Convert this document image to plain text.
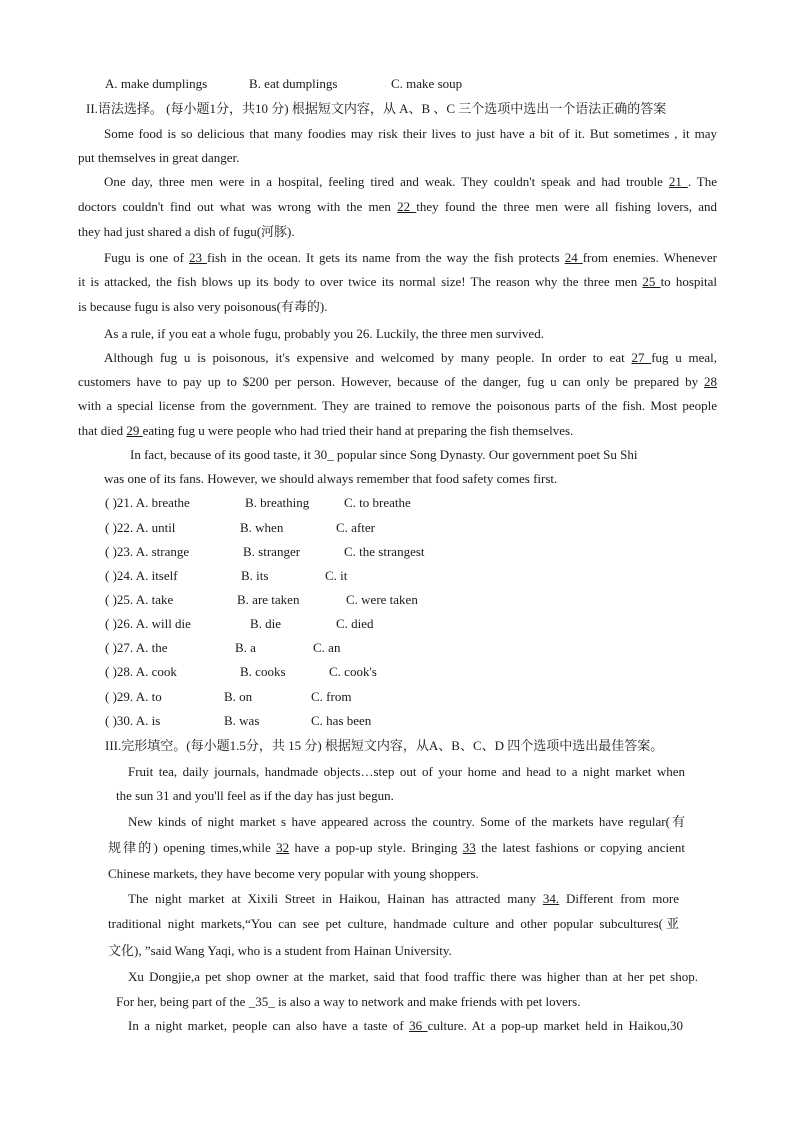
A. make dumplings	B. eat dumplings	C. make soup
II.语法选择。 (每小题1分，共10 分) 根据短文内容，从 A、B 、C 三个选项中选出一个语法正确的答案
Some food is so delicious that many foodies may risk their lives to just have a bit of it. But sometimes , it may
put themselves in great danger.
One day, three men were in a hospital, feeling tired and weak. They couldn't speak and had trouble 21 . The
doctors couldn't find out what was wrong with the men 22 they found the three men were all fishing lovers, and
they had just shared a dish of fugu(河豚).
Fugu is one of 23 fish in the ocean. It gets its name from the way the fish protects 24 from enemies. Whenever
it is attacked, the fish blows up its body to over twice its normal size! The reason why the three men 25 to hospital
is because fugu is also very poisonous(有毒的).
As a rule, if you eat a whole fugu, probably you 26. Luckily, the three men survived.
Although fug u is poisonous, it's expensive and welcomed by many people. In order to eat 27 fug u meal,
customers have to pay up to $200 per person. However, because of the danger, fug u can only be prepared by 28
with a special license from the government. They are trained to remove the poisonous parts of the fish. Most people
that died 29 eating fug u were people who had tried their hand at preparing the fish themselves.
In fact, because of its good taste, it 30_ popular since Song Dynasty. Our government poet Su Shi
was one of its fans. However, we should always remember that food safety comes first.
( )21. A. breathe	B. breathing	C. to breathe
( )22. A. until	B. when	C. after
( )23. A. strange	B. stranger	C. the strangest
( )24. A. itself	B. its	C. it
( )25. A. take	B. are taken	C. were taken
( )26. A. will die	B. die	C. died
( )27. A. the	B. a	C. an
( )28. A. cook	B. cooks	C. cook's
( )29. A. to	B. on	C. from
( )30. A. is	B. was	C. has been
III.完形填空。(每小题1.5分，共 15 分) 根据短文内容，从A、B、C、D 四个选项中选出最佳答案。
Fruit tea, daily journals, handmade objects…step out of your home and head to a night market when
the sun 31 and you'll feel as if the day has just begun.
New kinds of night market s have appeared across the country. Some of the markets have regular(有
规律的) opening times,while 32 have a pop-up style. Bringing 33 the latest fashions or copying ancient
Chinese markets, they have become very popular with young shoppers.
The night market at Xixili Street in Haikou, Hainan has attracted many 34. Different from more
traditional night markets,“You can see pet culture, handmade culture and other popular subcultures(亚
文化), ”said Wang Yaqi, who is a student from Hainan University.
Xu Dongjie,a pet shop owner at the market, said that food traffic there was higher than at her pet shop.
For her, being part of the _35_ is also a way to network and make friends with pet lovers.
In a night market, people can also have a taste of 36 culture. At a pop-up market held in Haikou,30
